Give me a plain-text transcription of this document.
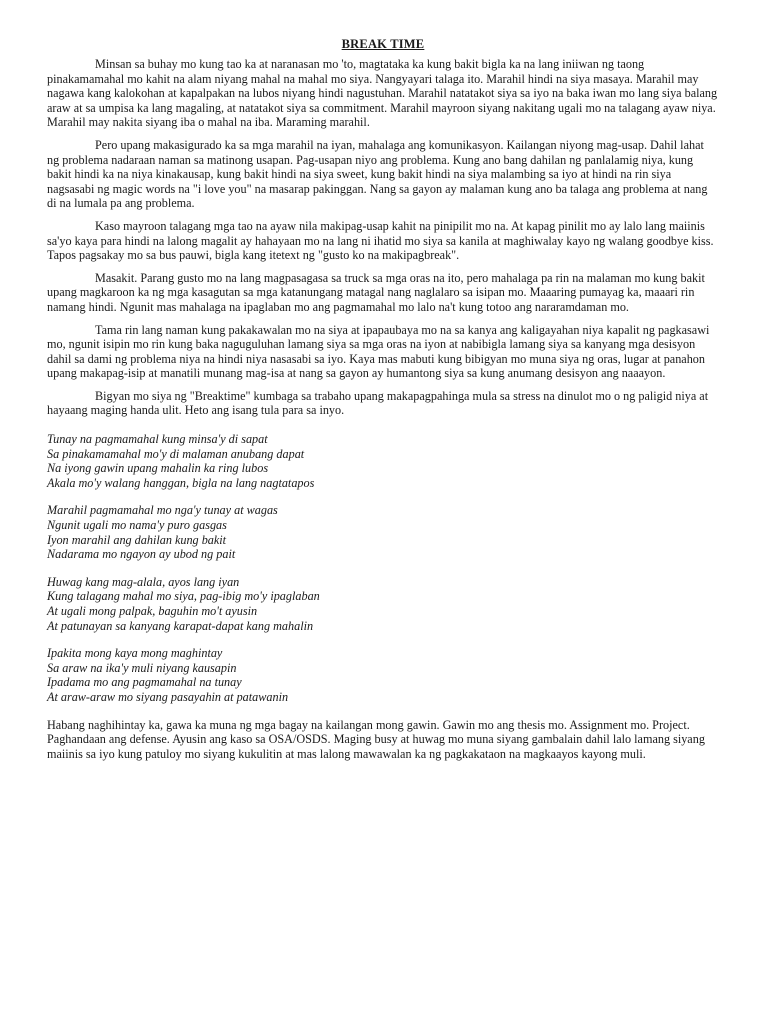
BREAK TIME

Minsan sa buhay mo kung tao ka at naranasan mo 'to, magtataka ka kung bakit bigla ka na lang iniiwan ng taong pinakamamahal mo kahit na alam niyang mahal na mahal mo siya. Nangyayari talaga ito. Marahil hindi na siya masaya. Marahil may nagawa kang kalokohan at kapalpakan na lubos niyang hindi nagustuhan. Marahil natatakot siya sa iyo na baka iwan mo lang siya balang araw at sa umpisa ka lang magaling, at natatakot siya sa commitment. Marahil mayroon siyang nakitang ugali mo na talagang ayaw niya. Marahil may nakita siyang iba o mahal na iba. Maraming marahil.

Pero upang makasigurado ka sa mga marahil na iyan, mahalaga ang komunikasyon. Kailangan niyong mag-usap. Dahil lahat ng problema nadaraan naman sa matinong usapan. Pag-usapan niyo ang problema. Kung ano bang dahilan ng panlalamig niya, kung bakit hindi ka na niya kinakausap, kung bakit hindi na siya sweet, kung bakit hindi na siya malambing sa iyo at hindi na rin siya nagsasabi ng magic words na "i love you" na masarap pakinggan. Nang sa gayon ay malaman kung ano ba talaga ang problema at nang di na lumala pa ang problema.

Kaso mayroon talagang mga tao na ayaw nila makipag-usap kahit na pinipilit mo na. At kapag pinilit mo ay lalo lang maiinis sa'yo kaya para hindi na lalong magalit ay hahayaan mo na lang ni ihatid mo siya sa kanila at maghiwalay kayo ng walang goodbye kiss. Tapos pagsakay mo sa bus pauwi, bigla kang itetext ng "gusto ko na makipagbreak".

Masakit. Parang gusto mo na lang magpasagasa sa truck sa mga oras na ito, pero mahalaga pa rin na malaman mo kung bakit upang magkaroon ka ng mga kasagutan sa mga katanungang matagal nang naglalaro sa isipan mo. Maaaring pumayag ka, maaari rin namang hindi. Ngunit mas mahalaga na ipaglaban mo ang pagmamahal mo lalo na't kung totoo ang nararamdaman mo.

Tama rin lang naman kung pakakawalan mo na siya at ipapaubaya mo na sa kanya ang kaligayahan niya kapalit ng pagkasawi mo, ngunit isipin mo rin kung baka naguguluhan lamang siya sa mga oras na iyon at nabibigla lamang siya sa kanyang mga desisyon dahil sa dami ng problema niya na hindi niya nasasabi sa iyo. Kaya mas mabuti kung bibigyan mo muna siya ng oras, lugar at panahon upang makapag-isip at manatili munang mag-isa at nang sa gayon ay humantong siya sa kung anumang desisyon ang naaayon.

Bigyan mo siya ng "Breaktime" kumbaga sa trabaho upang makapagpahinga mula sa stress na dinulot mo o ng paligid niya at hayaang maging handa ulit. Heto ang isang tula para sa inyo.

Tunay na pagmamahal kung minsa'y di sapat
Sa pinakamamahal mo'y di malaman anubang dapat
Na iyong gawin upang mahalin ka ring lubos
Akala mo'y walang hanggan, bigla na lang nagtatapos
Marahil pagmamahal mo nga'y tunay at wagas
Ngunit ugali mo nama'y puro gasgas
Iyon marahil ang dahilan kung bakit
Nadarama mo ngayon ay ubod ng pait
Huwag kang mag-alala, ayos lang iyan
Kung talagang mahal mo siya, pag-ibig mo'y ipaglaban
At ugali mong palpak, baguhin mo't ayusin
At patunayan sa kanyang karapat-dapat kang mahalin
Ipakita mong kaya mong maghintay
Sa araw na ika'y muli niyang kausapin
Ipadama mo ang pagmamahal na tunay
At araw-araw mo siyang pasayahin at patawanin

Habang naghihintay ka, gawa ka muna ng mga bagay na kailangan mong gawin. Gawin mo ang thesis mo. Assignment mo. Project. Paghandaan ang defense. Ayusin ang kaso sa OSA/OSDS. Maging busy at huwag mo muna siyang gambalain dahil lalo lamang siyang maiinis sa iyo kung patuloy mo siyang kukulitin at mas lalong mawawalan ka ng pagkakataon na magkaayos kayong muli.
